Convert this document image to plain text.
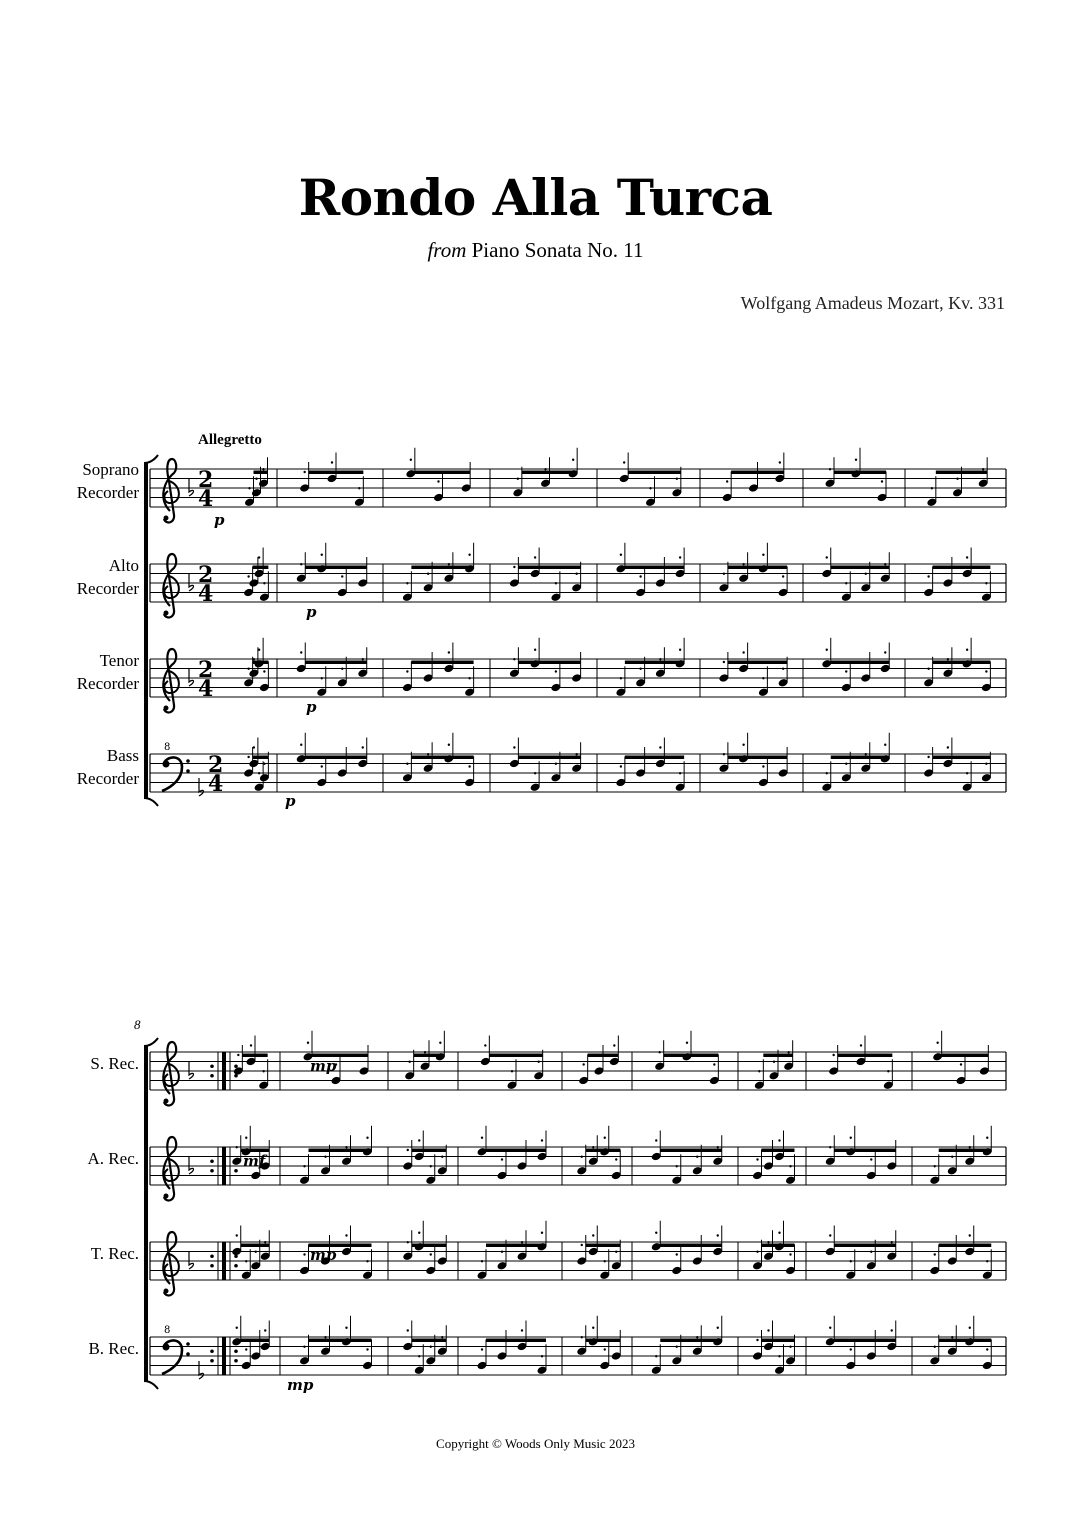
Rondo Alla Turca
from Piano Sonata No. 11
Wolfgang Amadeus Mozart, Kv. 331
Allegretto
Soprano
Recorder
Alto
Recorder
Tenor
Recorder
Bass
Recorder
S. Rec.
A. Rec.
T. Rec.
B. Rec.
8
2
4
2
4
2
4
8
2
4
8
p
p
p
p
mp
mf
mp
mp
Copyright © Woods Only Music 2023
